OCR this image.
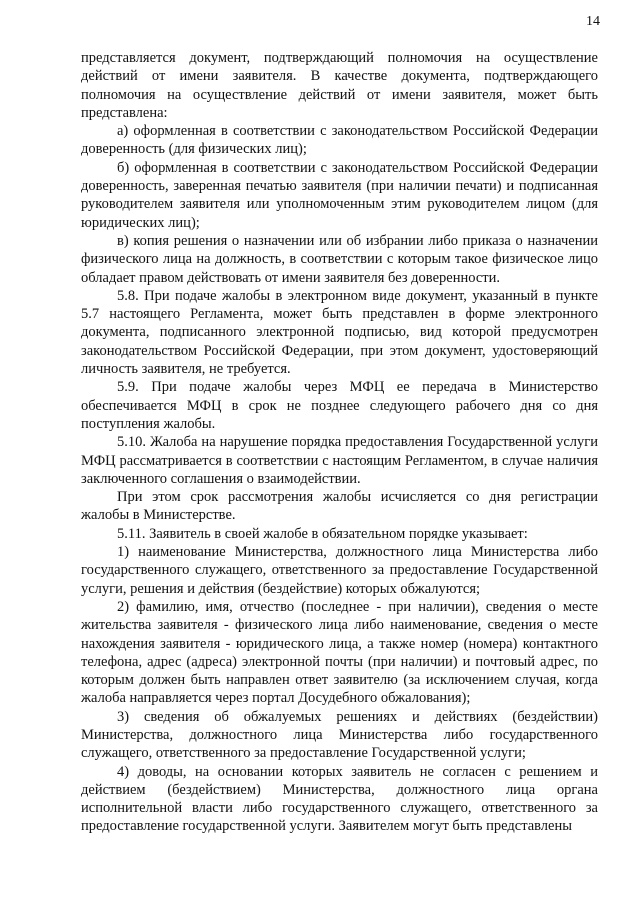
14

представляется документ, подтверждающий полномочия на осуществление действий от имени заявителя. В качестве документа, подтверждающего полномочия на осуществление действий от имени заявителя, может быть представлена:

а) оформленная в соответствии с законодательством Российской Федерации доверенность (для физических лиц);

б) оформленная в соответствии с законодательством Российской Федерации доверенность, заверенная печатью заявителя (при наличии печати) и подписанная руководителем заявителя или уполномоченным этим руководителем лицом (для юридических лиц);

в) копия решения о назначении или об избрании либо приказа о назначении физического лица на должность, в соответствии с которым такое физическое лицо обладает правом действовать от имени заявителя без доверенности.

5.8. При подаче жалобы в электронном виде документ, указанный в пункте 5.7 настоящего Регламента, может быть представлен в форме электронного документа, подписанного электронной подписью, вид которой предусмотрен законодательством Российской Федерации, при этом документ, удостоверяющий личность заявителя, не требуется.

5.9. При подаче жалобы через МФЦ ее передача в Министерство обеспечивается МФЦ в срок не позднее следующего рабочего дня со дня поступления жалобы.

5.10. Жалоба на нарушение порядка предоставления Государственной услуги МФЦ рассматривается в соответствии с настоящим Регламентом, в случае наличия заключенного соглашения о взаимодействии.

При этом срок рассмотрения жалобы исчисляется со дня регистрации жалобы в Министерстве.

5.11. Заявитель в своей жалобе в обязательном порядке указывает:

1) наименование Министерства, должностного лица Министерства либо государственного служащего, ответственного за предоставление Государственной услуги, решения и действия (бездействие) которых обжалуются;

2) фамилию, имя, отчество (последнее - при наличии), сведения о месте жительства заявителя - физического лица либо наименование, сведения о месте нахождения заявителя - юридического лица, а также номер (номера) контактного телефона, адрес (адреса) электронной почты (при наличии) и почтовый адрес, по которым должен быть направлен ответ заявителю (за исключением случая, когда жалоба направляется через портал Досудебного обжалования);

3) сведения об обжалуемых решениях и действиях (бездействии) Министерства, должностного лица Министерства либо государственного служащего, ответственного за предоставление Государственной услуги;

4) доводы, на основании которых заявитель не согласен с решением и действием (бездействием) Министерства, должностного лица органа исполнительной власти либо государственного служащего, ответственного за предоставление государственной услуги. Заявителем могут быть представлены
